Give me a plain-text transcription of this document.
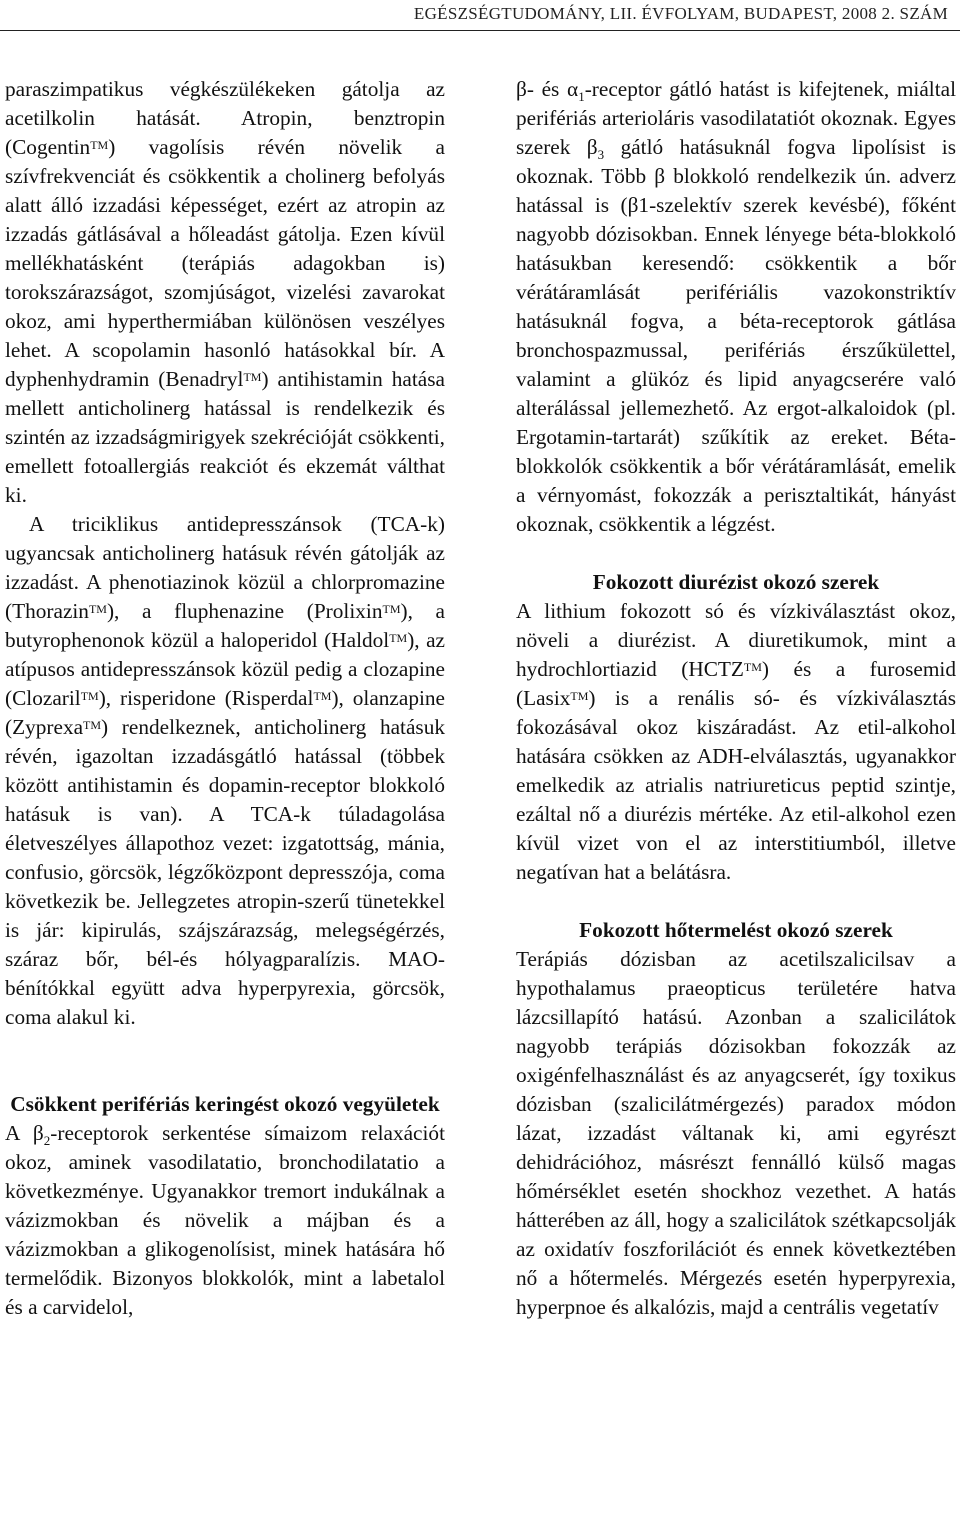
EGÉSZSÉGTUDOMÁNY, LII. ÉVFOLYAM, BUDAPEST, 2008 2. SZÁM

paraszimpatikus végkészülékeken gátolja az acetilkolin hatását. Atropin, benztropin (Cogentin™) vagolísis révén növelik a szívfrekvenciát és csökkentik a cholinerg befolyás alatt álló izzadási képességet, ezért az atropin az izzadás gátlásával a hőleadást gátolja. Ezen kívül mellékhatásként (terápiás adagokban is) torokszárazságot, szomjúságot, vizelési zavarokat okoz, ami hyperthermiában különösen veszélyes lehet. A scopolamin hasonló hatásokkal bír. A dyphenhydramin (Benadryl™) antihistamin hatása mellett anticholinerg hatással is rendelkezik és szintén az izzadságmirigyek szekrécióját csökkenti, emellett fotoallergiás reakciót és ekzemát válthat ki.

A triciklikus antidepresszánsok (TCA-k) ugyancsak anticholinerg hatásuk révén gátolják az izzadást. A phenotiazinok közül a chlorpromazine (Thorazin™), a fluphenazine (Prolixin™), a butyrophenonok közül a haloperidol (Haldol™), az atípusos antidepresszánsok közül pedig a clozapine (Clozaril™), risperidone (Risperdal™), olanzapine (Zyprexa™) rendelkeznek, anticholinerg hatásuk révén, igazoltan izzadásgátló hatással (többek között antihistamin és dopamin-receptor blokkoló hatásuk is van). A TCA-k túladagolása életveszélyes állapothoz vezet: izgatottság, mánia, confusio, görcsök, légzőközpont depresszója, coma következik be. Jellegzetes atropin-szerű tünetekkel is jár: kipirulás, szájszárazság, melegségérzés, száraz bőr, bél-és hólyagparalízis. MAO-bénítókkal együtt adva hyperpyrexia, görcsök, coma alakul ki.

Csökkent perifériás keringést okozó vegyületek

A $\beta_2$-receptorok serkentése símaizom relaxációt okoz, aminek vasodilatatio, bronchodilatatio a következménye. Ugyanakkor tremort indukálnak a vázizmokban és növelik a májban és a vázizmokban a glikogenolísist, minek hatására hő termelődik. Bizonyos blokkolók, mint a labetalol és a carvidelol,

β- és $\alpha_1$-receptor gátló hatást is kifejtenek, miáltal perifériás arterioláris vasodilatatiót okoznak. Egyes szerek $\beta_3$ gátló hatásuknál fogva lipolísist is okoznak. Több β blokkoló rendelkezik ún. adverz hatással is (β1-szelektív szerek kevésbé), főként nagyobb dózisokban. Ennek lényege béta-blokkoló hatásukban keresendő: csökkentik a bőr vérátáramlását perifériális vazokonstriktív hatásuknál fogva, a béta-receptorok gátlása bronchospazmussal, perifériás érszűkülettel, valamint a glükóz és lipid anyagcserére való alterálással jellemezhető. Az ergot-alkaloidok (pl. Ergotamin-tartarát) szűkítik az ereket. Béta-blokkolók csökkentik a bőr vérátáramlását, emelik a vérnyomást, fokozzák a perisztaltikát, hányást okoznak, csökkentik a légzést.

Fokozott diurézist okozó szerek

A lithium fokozott só és vízkiválasztást okoz, növeli a diurézist. A diuretikumok, mint a hydrochlortiazid (HCTZ™) és a furosemid (Lasix™) is a renális só- és vízkiválasztás fokozásával okoz kiszáradást. Az etil-alkohol hatására csökken az ADH-elválasztás, ugyanakkor emelkedik az atrialis natriureticus peptid szintje, ezáltal nő a diurézis mértéke. Az etil-alkohol ezen kívül vizet von el az interstitiumból, illetve negatívan hat a belátásra.

Fokozott hőtermelést okozó szerek

Terápiás dózisban az acetilszalicilsav a hypothalamus praeopticus területére hatva lázcsillapító hatású. Azonban a szalicilátok nagyobb terápiás dózisokban fokozzák az oxigénfelhasználást és az anyagcserét, így toxikus dózisban (szalicilátmérgezés) paradox módon lázat, izzadást váltanak ki, ami egyrészt dehidrációhoz, másrészt fennálló külső magas hőmérséklet esetén shockhoz vezethet. A hatás hátterében az áll, hogy a szalicilátok szétkapcsolják az oxidatív foszforilációt és ennek következtében nő a hőtermelés. Mérgezés esetén hyperpyrexia, hyperpnoe és alkalózis, majd a centrális vegetatív
